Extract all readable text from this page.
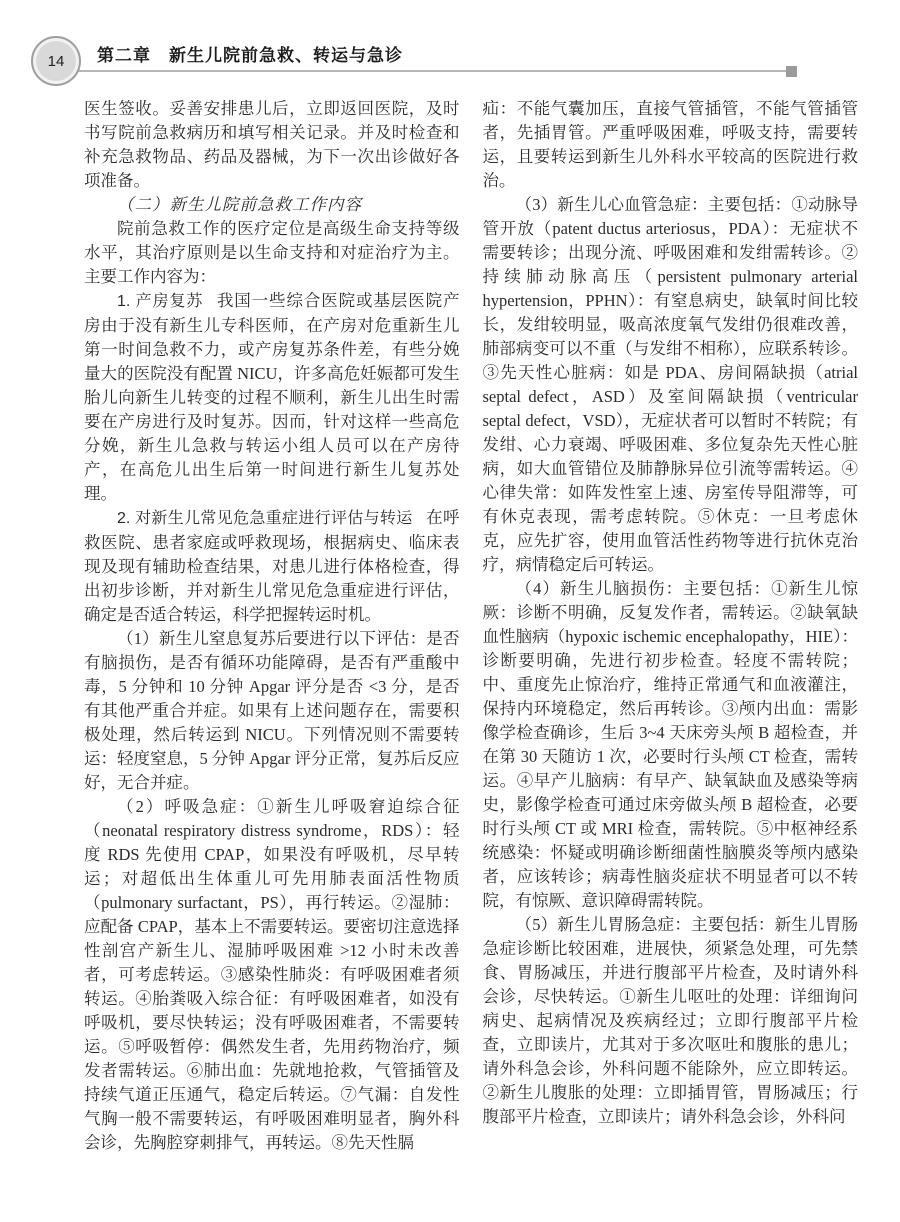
14 第二章　新生儿院前急救、转运与急诊

医生签收。妥善安排患儿后，立即返回医院，及时书写院前急救病历和填写相关记录。并及时检查和补充急救物品、药品及器械，为下一次出诊做好各项准备。

（二）新生儿院前急救工作内容

院前急救工作的医疗定位是高级生命支持等级水平，其治疗原则是以生命支持和对症治疗为主。主要工作内容为：

1. 产房复苏 我国一些综合医院或基层医院产房由于没有新生儿专科医师，在产房对危重新生儿第一时间急救不力，或产房复苏条件差，有些分娩量大的医院没有配置 NICU，许多高危妊娠都可发生胎儿向新生儿转变的过程不顺利，新生儿出生时需要在产房进行及时复苏。因而，针对这样一些高危分娩，新生儿急救与转运小组人员可以在产房待产，在高危儿出生后第一时间进行新生儿复苏处理。

2. 对新生儿常见危急重症进行评估与转运 在呼救医院、患者家庭或呼救现场，根据病史、临床表现及现有辅助检查结果，对患儿进行体格检查，得出初步诊断，并对新生儿常见危急重症进行评估，确定是否适合转运，科学把握转运时机。

（1）新生儿窒息复苏后要进行以下评估：是否有脑损伤，是否有循环功能障碍，是否有严重酸中毒，5 分钟和 10 分钟 Apgar 评分是否 <3 分，是否有其他严重合并症。如果有上述问题存在，需要积极处理，然后转运到 NICU。下列情况则不需要转运：轻度窒息，5 分钟 Apgar 评分正常，复苏后反应好，无合并症。

（2）呼吸急症：①新生儿呼吸窘迫综合征（neonatal respiratory distress syndrome，RDS）：轻度 RDS 先使用 CPAP，如果没有呼吸机，尽早转运；对超低出生体重儿可先用肺表面活性物质（pulmonary surfactant，PS），再行转运。②湿肺：应配备 CPAP，基本上不需要转运。要密切注意选择性剖宫产新生儿、湿肺呼吸困难 >12 小时未改善者，可考虑转运。③感染性肺炎：有呼吸困难者须转运。④胎粪吸入综合征：有呼吸困难者，如没有呼吸机，要尽快转运；没有呼吸困难者，不需要转运。⑤呼吸暂停：偶然发生者，先用药物治疗，频发者需转运。⑥肺出血：先就地抢救，气管插管及持续气道正压通气，稳定后转运。⑦气漏：自发性气胸一般不需要转运，有呼吸困难明显者，胸外科会诊，先胸腔穿刺排气，再转运。⑧先天性膈

疝：不能气囊加压，直接气管插管，不能气管插管者，先插胃管。严重呼吸困难，呼吸支持，需要转运，且要转运到新生儿外科水平较高的医院进行救治。

（3）新生儿心血管急症：主要包括：①动脉导管开放（patent ductus arteriosus，PDA）：无症状不需要转诊；出现分流、呼吸困难和发绀需转诊。②持续肺动脉高压（persistent pulmonary arterial hypertension，PPHN）：有窒息病史，缺氧时间比较长，发绀较明显，吸高浓度氧气发绀仍很难改善，肺部病变可以不重（与发绀不相称），应联系转诊。③先天性心脏病：如是 PDA、房间隔缺损（atrial septal defect，ASD）及室间隔缺损（ventricular septal defect，VSD），无症状者可以暂时不转院；有发绀、心力衰竭、呼吸困难、多位复杂先天性心脏病，如大血管错位及肺静脉异位引流等需转运。④心律失常：如阵发性室上速、房室传导阻滞等，可有休克表现，需考虑转院。⑤休克：一旦考虑休克，应先扩容，使用血管活性药物等进行抗休克治疗，病情稳定后可转运。

（4）新生儿脑损伤：主要包括：①新生儿惊厥：诊断不明确，反复发作者，需转运。②缺氧缺血性脑病（hypoxic ischemic encephalopathy，HIE）：诊断要明确，先进行初步检查。轻度不需转院；中、重度先止惊治疗，维持正常通气和血液灌注，保持内环境稳定，然后再转诊。③颅内出血：需影像学检查确诊，生后 3~4 天床旁头颅 B 超检查，并在第 30 天随访 1 次，必要时行头颅 CT 检查，需转运。④早产儿脑病：有早产、缺氧缺血及感染等病史，影像学检查可通过床旁做头颅 B 超检查，必要时行头颅 CT 或 MRI 检查，需转院。⑤中枢神经系统感染：怀疑或明确诊断细菌性脑膜炎等颅内感染者，应该转诊；病毒性脑炎症状不明显者可以不转院，有惊厥、意识障碍需转院。

（5）新生儿胃肠急症：主要包括：新生儿胃肠急症诊断比较困难，进展快，须紧急处理，可先禁食、胃肠减压，并进行腹部平片检查，及时请外科会诊，尽快转运。①新生儿呕吐的处理：详细询问病史、起病情况及疾病经过；立即行腹部平片检查，立即读片，尤其对于多次呕吐和腹胀的患儿；请外科急会诊，外科问题不能除外，应立即转运。②新生儿腹胀的处理：立即插胃管，胃肠减压；行腹部平片检查，立即读片；请外科急会诊，外科问
